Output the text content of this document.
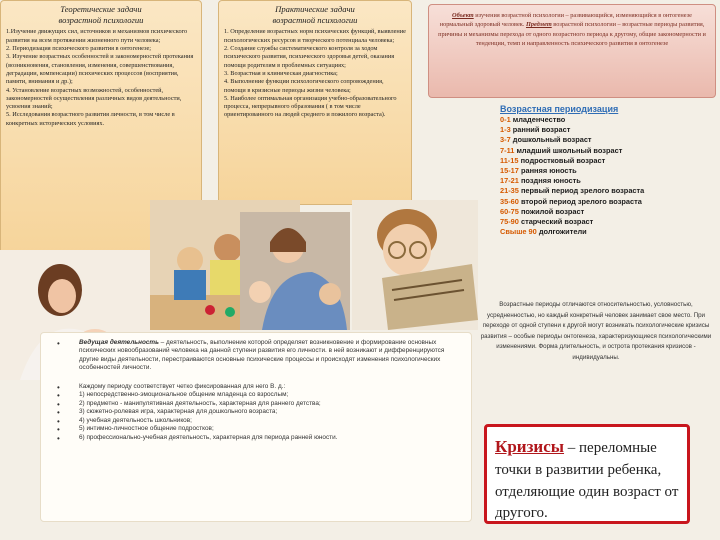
Теоретические задачи
возрастной психологии
1.Изучение движущих сил, источников и механизмов психического развития на всем протяжении жизненного пути человека;
2. Периодизация психического развития в онтогенезе;
3. Изучение возрастных особенностей и закономерностей протекания (возникновения, становления, изменения, совершенствования, деградации, компенсации) психических процессов (восприятия, памяти, внимания и др.);
4. Установление возрастных возможностей, особенностей, закономерностей осуществления различных видов деятельности, усвоения знаний;
5. Исследования возрастного развития личности, в том числе в конкретных исторических условиях.
Практические задачи
возрастной психологии
1. Определение возрастных норм психических функций, выявление психологических ресурсов и творческого потенциала человека;
2. Создание службы систематического контроля за ходом психического развития, психического здоровья детей, оказания помощи родителям в проблемных ситуациях;
3. Возрастная и клиническая диагностика;
4. Выполнение функции психологического сопровождения, помощи в кризисные периоды жизни человека;
5. Наиболее оптимальная организация учебно-образовательного процесса, непрерывного образования ( в том числе ориентированного на людей среднего и пожилого возраста).
Объект изучения возрастной психологии – развивающийся, изменяющийся в онтогенезе нормальный здоровый человек. Предмет возрастной психологии – возрастные периоды развития, причины и механизмы перехода от одного возрастного периода к другому, общие закономерности и тенденции, темп и направленность психического развития в онтогенезе
Возрастная периодизация
0-1 младенчество
1-3 ранний возраст
3-7 дошкольный возраст
7-11 младший школьный возраст
11-15 подростковый возраст
15-17 ранняя юность
17-21 поздняя юность
21-35 первый период зрелого возраста
35-60 второй период зрелого возраста
60-75 пожилой возраст
75-90 старческий возраст
Свыше 90 долгожители
Возрастные периоды отличаются относительностью, условностью, усредненностью, но каждый конкретный человек занимает свое место. При переходе от одной ступени к другой могут возникать психологические кризисы развития – особые периоды онтогенеза, характеризующиеся психологическими изменениями. Форма длительность, и острота протекания кризисов - индивидуальны.
• Ведущая деятельность – деятельность, выполнение которой определяет возникновение и формирование основных психических новообразований человека на данной ступени развития его личности. в ней возникают и дифференцируются другие виды деятельности, перестраиваются основные психические процессы и происходят изменения психологических особенностей личности.
• Каждому периоду соответствует четко фиксированная для него В. д.:
• 1) непосредственно-эмоциональное общение младенца со взрослым;
• 2) предметно - манипулятивная деятельность, характерная для раннего детства;
• 3) сюжетно-ролевая игра, характерная для дошкольного возраста;
• 4) учебная деятельность школьников;
• 5) интимно-личностное общение подростков;
• 6) профессионально-учебная деятельность, характерная для периода ранней юности.	Кризисы – переломные точки в развитии ребенка, отделяющие один возраст от другого.
